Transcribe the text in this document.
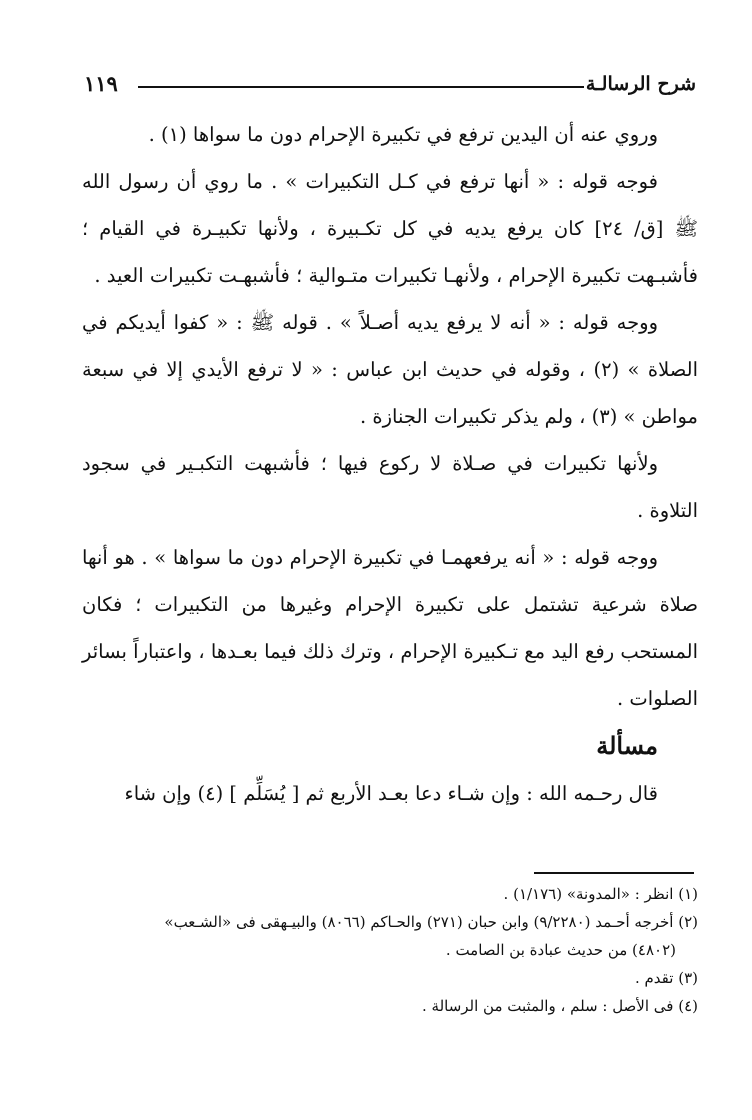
شرح الرسالـة
١١٩

وروي عنه أن اليدين ترفع في تكبيرة الإحرام دون ما سواها (١) .

فوجه قوله : « أنها ترفع في كـل التكبيرات » . ما روي أن رسول الله ﷺ [ق/ ٢٤] كان يرفع يديه في كل تكـبيرة ، ولأنها تكبيـرة في القيام ؛ فأشبـهت تكبيرة الإحرام ، ولأنهـا تكبيرات متـوالية ؛ فأشبهـت تكبيرات العيد .

ووجه قوله : « أنه لا يرفع يديه أصـلاً » . قوله ﷺ : « كفوا أيديكم في الصلاة » (٢) ، وقوله في حديث ابن عباس : « لا ترفع الأيدي إلا في سبعة مواطن » (٣) ، ولم يذكر تكبيرات الجنازة .

ولأنها تكبيرات في صـلاة لا ركوع فيها ؛ فأشبهت التكبـير في سجود التلاوة .

ووجه قوله : « أنه يرفعهمـا في تكبيرة الإحرام دون ما سواها » . هو أنها صلاة شرعية تشتمل على تكبيرة الإحرام وغيرها من التكبيرات ؛ فكان المستحب رفع اليد مع تـكبيرة الإحرام ، وترك ذلك فيما بعـدها ، واعتباراً بسائر الصلوات .

مسألة

قال رحـمه الله : وإن شـاء دعا بعـد الأربع ثم [ يُسَلِّم ] (٤) وإن شاء

(١) انظر : «المدونة» (١/١٧٦) .
(٢) أخرجه أحـمد (٩/٢٢٨٠) وابن حبان (٢٧١) والحـاكم (٨٠٦٦) والبيـهقى فى «الشـعب»
(٤٨٠٢) من حديث عبادة بن الصامت .
(٣) تقدم .
(٤) فى الأصل : سلم ، والمثبت من الرسالة .
